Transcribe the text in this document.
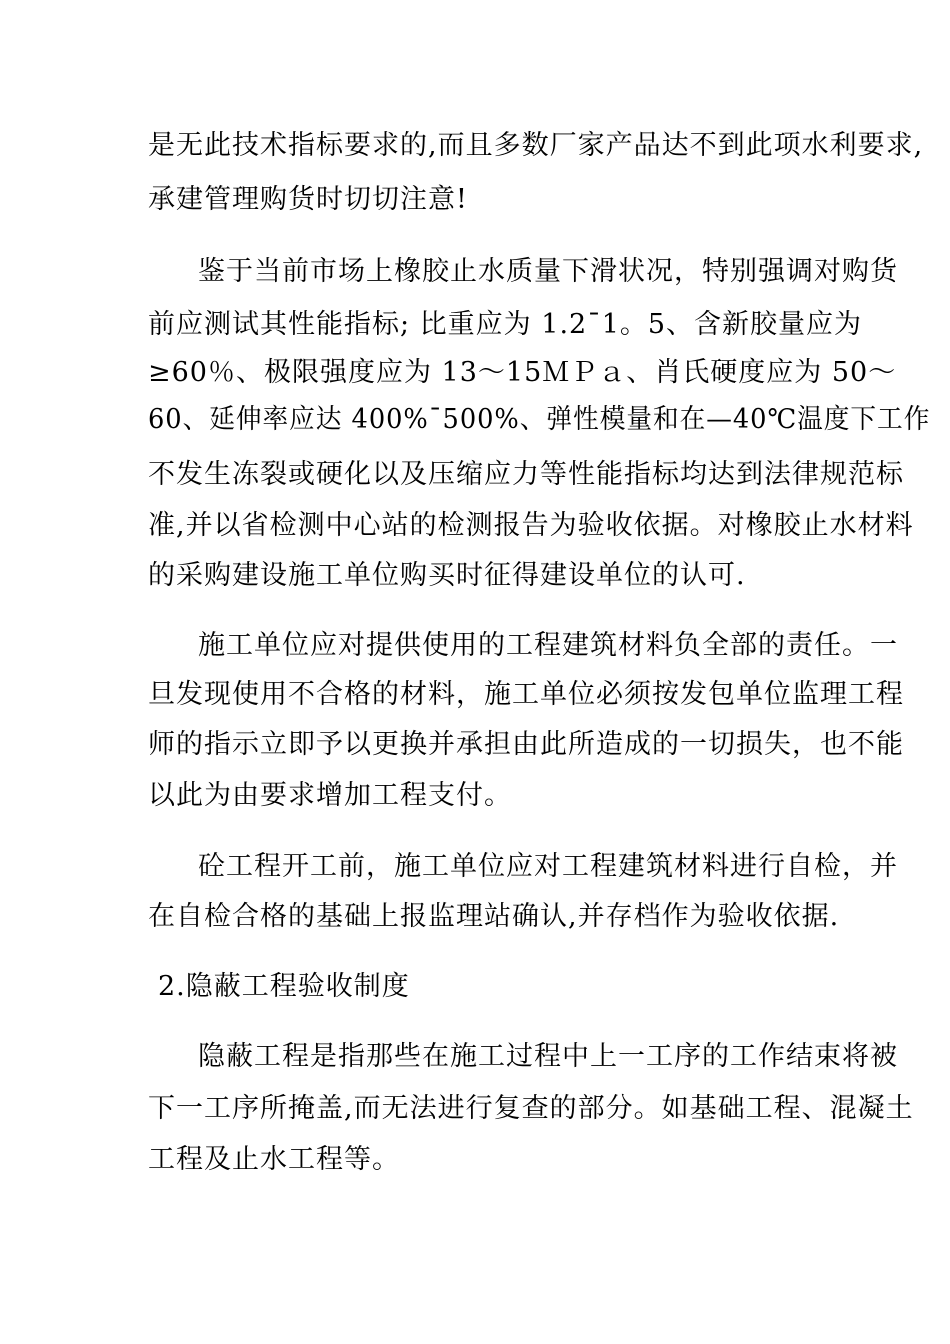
是无此技术指标要求的,而且多数厂家产品达不到此项水利要求,
承建管理购货时切切注意!
鉴于当前市场上橡胶止水质量下滑状况，特别强调对购货
前应测试其性能指标; 比重应为 1.2¯1。5、含新胶量应为
≥60％、极限强度应为 13～15ＭＰａ、肖氏硬度应为 50～
60、延伸率应达 400%¯500%、弹性模量和在—40℃温度下工作
不发生冻裂或硬化以及压缩应力等性能指标均达到法律规范标
准,并以省检测中心站的检测报告为验收依据。对橡胶止水材料
的采购建设施工单位购买时征得建设单位的认可.
施工单位应对提供使用的工程建筑材料负全部的责任。一
旦发现使用不合格的材料，施工单位必须按发包单位监理工程
师的指示立即予以更换并承担由此所造成的一切损失，也不能
以此为由要求增加工程支付。
砼工程开工前，施工单位应对工程建筑材料进行自检，并
在自检合格的基础上报监理站确认,并存档作为验收依据.
2.隐蔽工程验收制度
隐蔽工程是指那些在施工过程中上一工序的工作结束将被
下一工序所掩盖,而无法进行复查的部分。如基础工程、混凝土
工程及止水工程等。
